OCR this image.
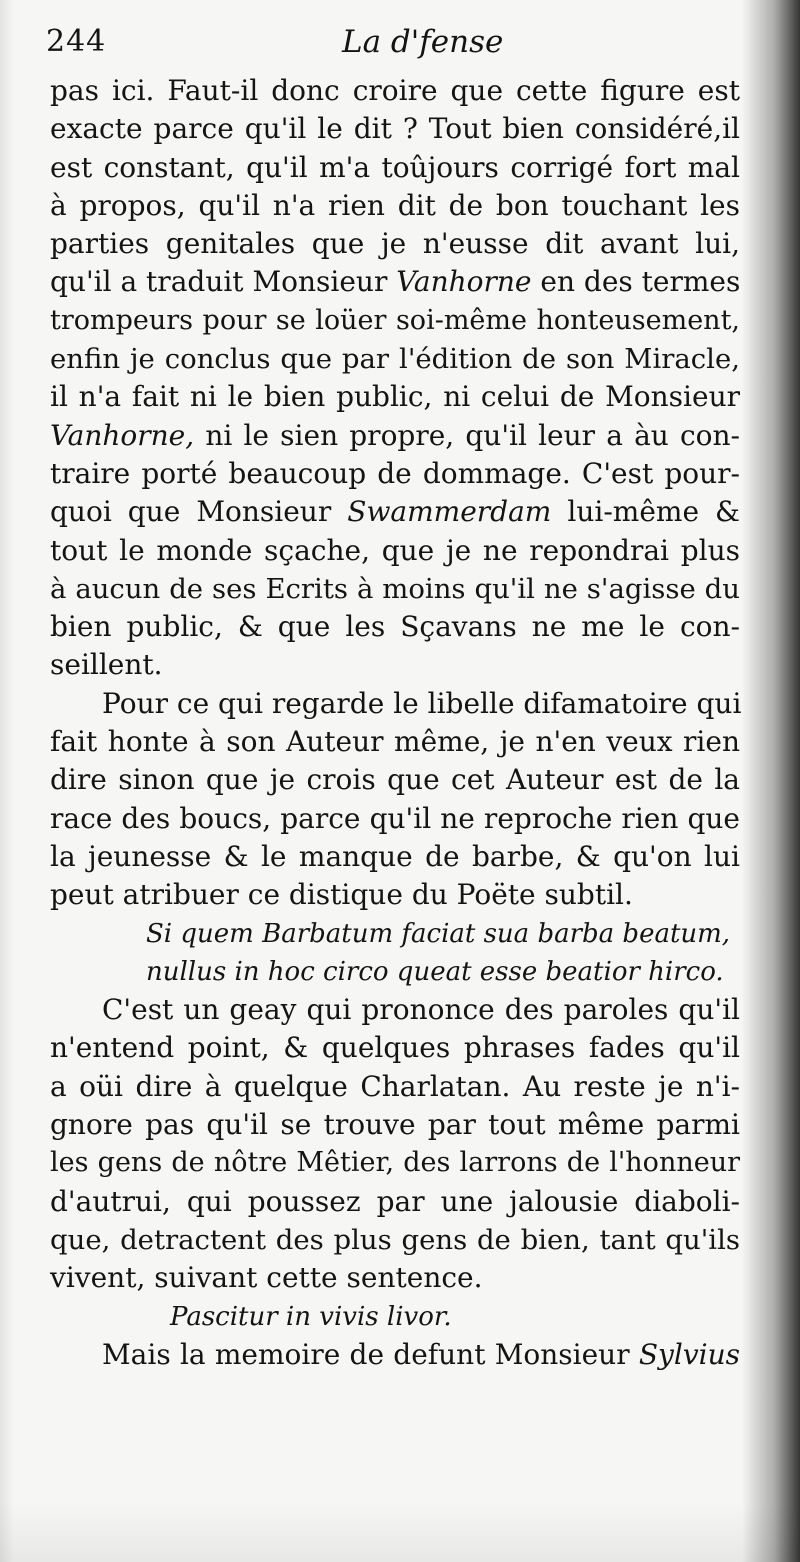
244	La d'fense
pas ici. Faut-il donc croire que cette figure est
exacte parce qu'il le dit ? Tout bien considéré,il
est constant, qu'il m'a toûjours corrigé fort mal
à propos, qu'il n'a rien dit de bon touchant les
parties genitales que je n'eusse dit avant lui,
qu'il a traduit Monsieur Vanhorne en des termes
trompeurs pour se loüer soi-même honteusement,
enfin je conclus que par l'édition de son Miracle,
il n'a fait ni le bien public, ni celui de Monsieur
Vanhorne, ni le sien propre, qu'il leur a àu con-
traire porté beaucoup de dommage. C'est pour-
quoi que Monsieur Swammerdam lui-même &
tout le monde sçache, que je ne repondrai plus
à aucun de ses Ecrits à moins qu'il ne s'agisse du
bien public, & que les Sçavans ne me le con-
seillent.
Pour ce qui regarde le libelle difamatoire qui
fait honte à son Auteur même, je n'en veux rien
dire sinon que je crois que cet Auteur est de la
race des boucs, parce qu'il ne reproche rien que
la jeunesse & le manque de barbe, & qu'on lui
peut atribuer ce distique du Poëte subtil.
Si quem Barbatum faciat sua barba beatum,
nullus in hoc circo queat esse beatior hirco.
C'est un geay qui prononce des paroles qu'il
n'entend point, & quelques phrases fades qu'il
a oüi dire à quelque Charlatan. Au reste je n'i-
gnore pas qu'il se trouve par tout même parmi
les gens de nôtre Mêtier, des larrons de l'honneur
d'autrui, qui poussez par une jalousie diaboli-
que, detractent des plus gens de bien, tant qu'ils
vivent, suivant cette sentence.
Pascitur in vivis livor.
Mais la memoire de defunt Monsieur Sylvius
